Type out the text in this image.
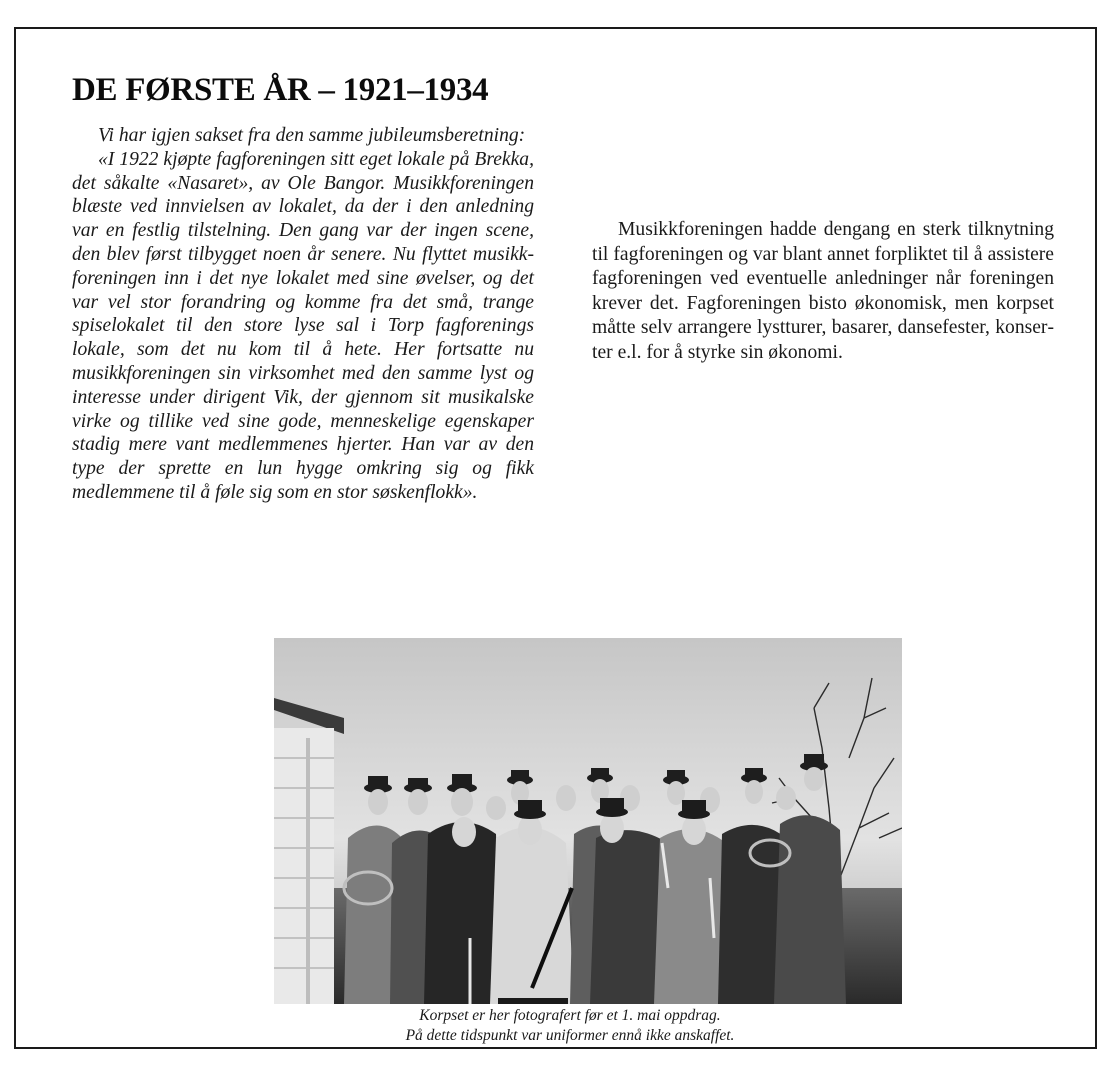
DE FØRSTE ÅR – 1921–1934

Vi har igjen sakset fra den samme jubileumsberetning:

«I 1922 kjøpte fagforeningen sitt eget lokale på Brekka, det såkalte «Nasaret», av Ole Bangor. Musikkforeningen blæste ved innvielsen av lokalet, da der i den anledning var en festlig tilstelning. Den gang var der ingen scene, den blev først tilbygget noen år senere. Nu flyttet musikkforeningen inn i det nye lokalet med sine øvelser, og det var vel stor forandring og komme fra det små, trange spiselokalet til den store lyse sal i Torp fagforenings lokale, som det nu kom til å hete. Her fortsatte nu musikkforeningen sin virksomhet med den samme lyst og interesse under dirigent Vik, der gjennom sit musikalske virke og tillike ved sine gode, menneskelige egenskaper stadig mere vant medlemmenes hjerter. Han var av den type der sprette en lun hygge omkring sig og fikk medlemmene til å føle sig som en stor søskenflokk».

Musikkforeningen hadde dengang en sterk tilknytning til fagforeningen og var blant annet forpliktet til å assistere fagforeningen ved eventuelle anledninger når foreningen krever det. Fagforeningen bisto økonomisk, men korpset måtte selv arrangere lystturer, basarer, dansefester, konserter e.l. for å styrke sin økonomi.

Korpset er her fotografert før et 1. mai oppdrag.
På dette tidspunkt var uniformer ennå ikke anskaffet.
